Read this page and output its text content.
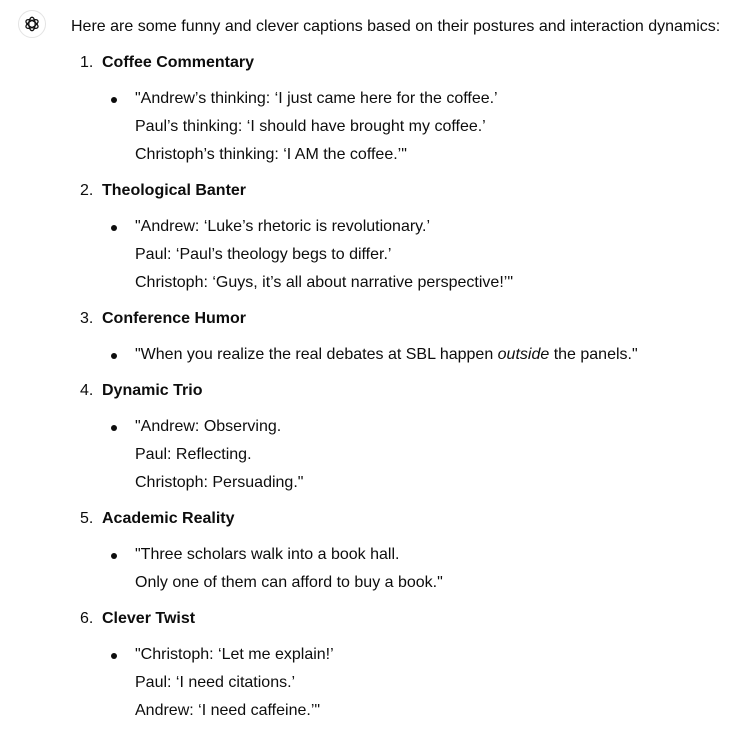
Here are some funny and clever captions based on their postures and interaction dynamics:
1. Coffee Commentary
"Andrew’s thinking: ‘I just came here for the coffee.’
Paul’s thinking: ‘I should have brought my coffee.’
Christoph’s thinking: ‘I AM the coffee.’"
2. Theological Banter
"Andrew: ‘Luke’s rhetoric is revolutionary.’
Paul: ‘Paul’s theology begs to differ.’
Christoph: ‘Guys, it’s all about narrative perspective!’"
3. Conference Humor
"When you realize the real debates at SBL happen outside the panels."
4. Dynamic Trio
"Andrew: Observing.
Paul: Reflecting.
Christoph: Persuading."
5. Academic Reality
"Three scholars walk into a book hall.
Only one of them can afford to buy a book."
6. Clever Twist
"Christoph: ‘Let me explain!’
Paul: ‘I need citations.’
Andrew: ‘I need caffeine.’"
